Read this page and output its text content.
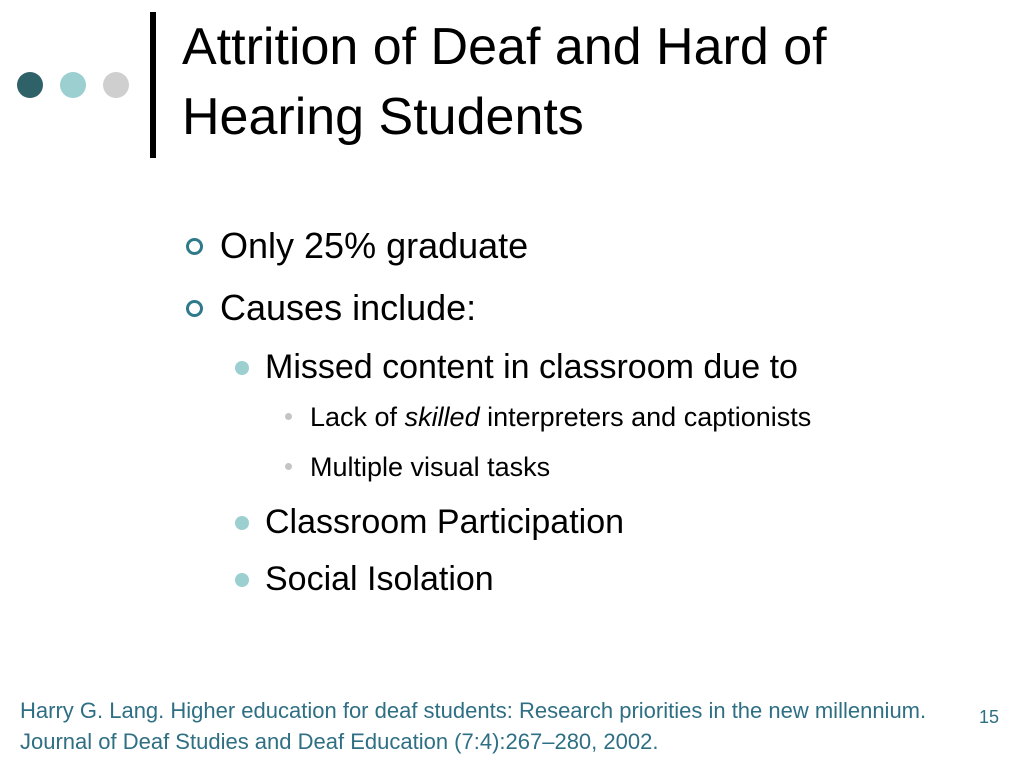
Attrition of Deaf and Hard of Hearing Students
Only 25% graduate
Causes include:
Missed content in classroom due to
Lack of skilled interpreters and captionists
Multiple visual tasks
Classroom Participation
Social Isolation

Harry G. Lang. Higher education for deaf students: Research priorities in the new millennium. Journal of Deaf Studies and Deaf Education (7:4):267–280, 2002.

15
